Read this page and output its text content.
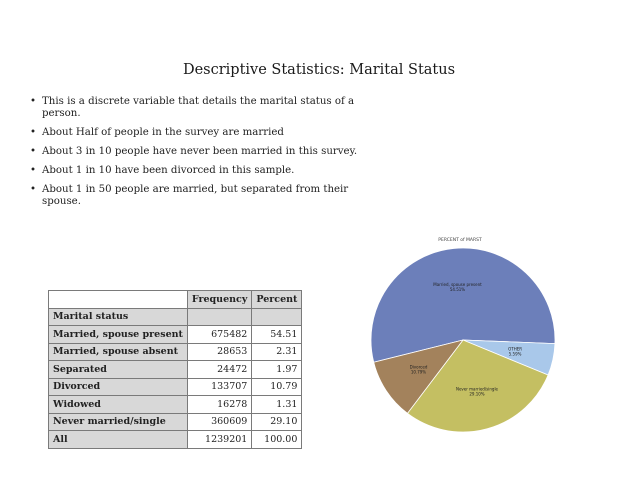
Descriptive Statistics: Marital Status
• This is a discrete variable that details the marital status of a person.
• About Half of people in the survey are married
• About 3 in 10 people have never been married in this survey.
• About 1 in 10 have been divorced in this sample.
• About 1 in 50 people are married, but separated from their spouse.
	Frequency	Percent
Marital status		
Married, spouse present	675482	54.51
Married, spouse absent	28653	2.31
Separated	24472	1.97
Divorced	133707	10.79
Widowed	16278	1.31
Never married/single	360609	29.10
All	1239201	100.00
PERCENT of MARST
Married, spouse present
54.51%
OTHER
5.59%
Never married/single
29.10%
Divorced
10.79%
